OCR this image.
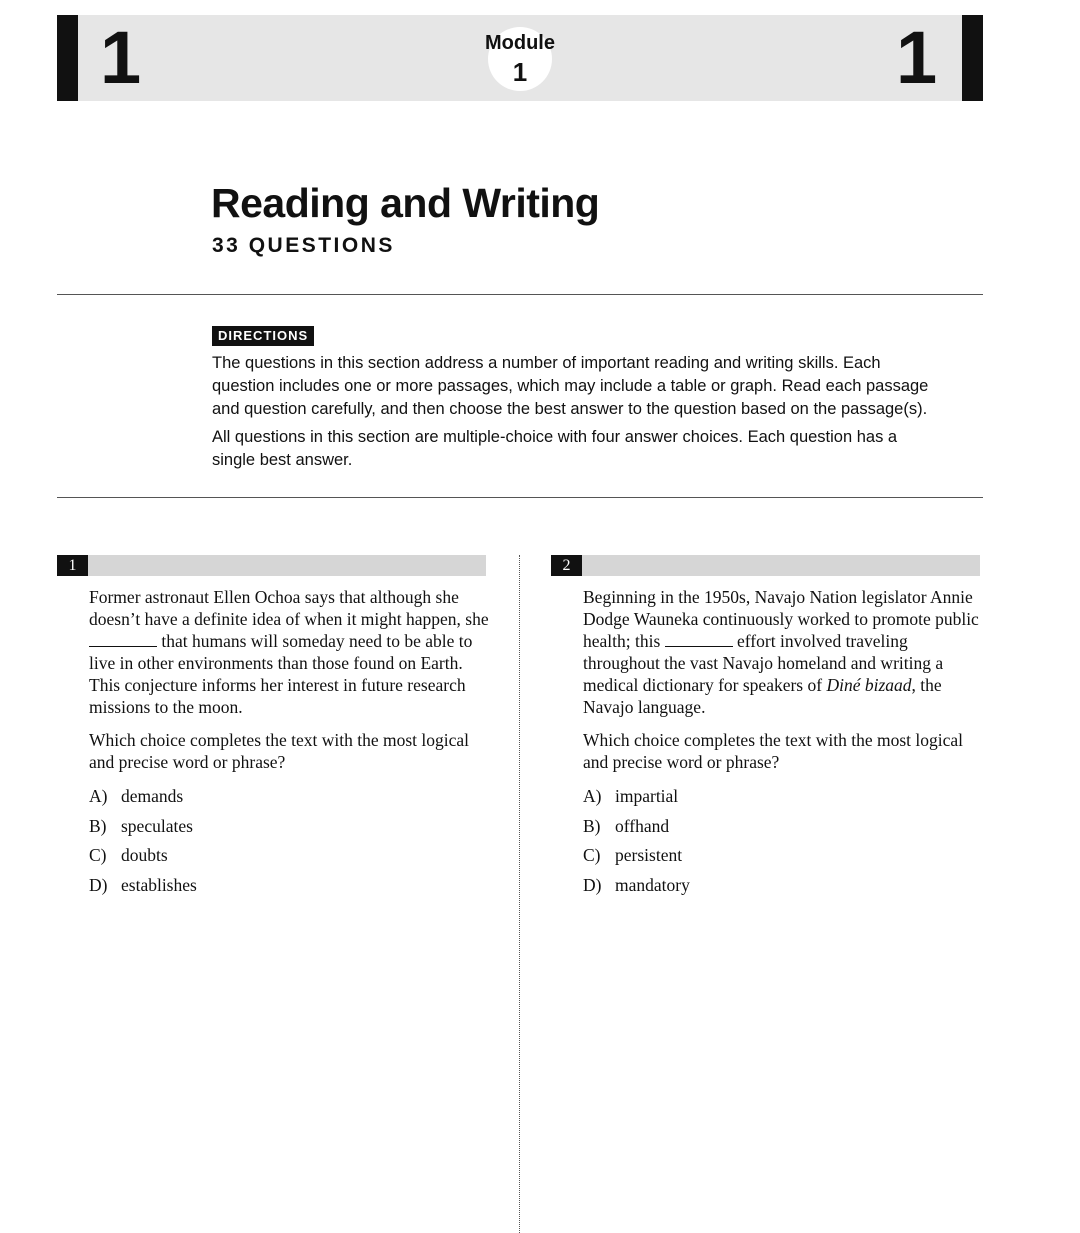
1	1
Module
1
Reading and Writing
33 QUESTIONS
DIRECTIONS

The questions in this section address a number of important reading and writing skills. Each question includes one or more passages, which may include a table or graph. Read each passage and question carefully, and then choose the best answer to the question based on the passage(s).

All questions in this section are multiple-choice with four answer choices. Each question has a single best answer.

1	2

Former astronaut Ellen Ochoa says that although she doesn’t have a definite idea of when it might happen, she  that humans will someday need to be able to live in other environments than those found on Earth. This conjecture informs her interest in future research missions to the moon.

Which choice completes the text with the most logical and precise word or phrase?

A) demands
B) speculates
C) doubts
D) establishes

Beginning in the 1950s, Navajo Nation legislator Annie Dodge Wauneka continuously worked to promote public health; this	effort involved traveling throughout the vast Navajo homeland and writing a medical dictionary for speakers of Diné bizaad, the Navajo language.

Which choice completes the text with the most logical and precise word or phrase?

A) impartial
B) offhand
C) persistent
D) mandatory
